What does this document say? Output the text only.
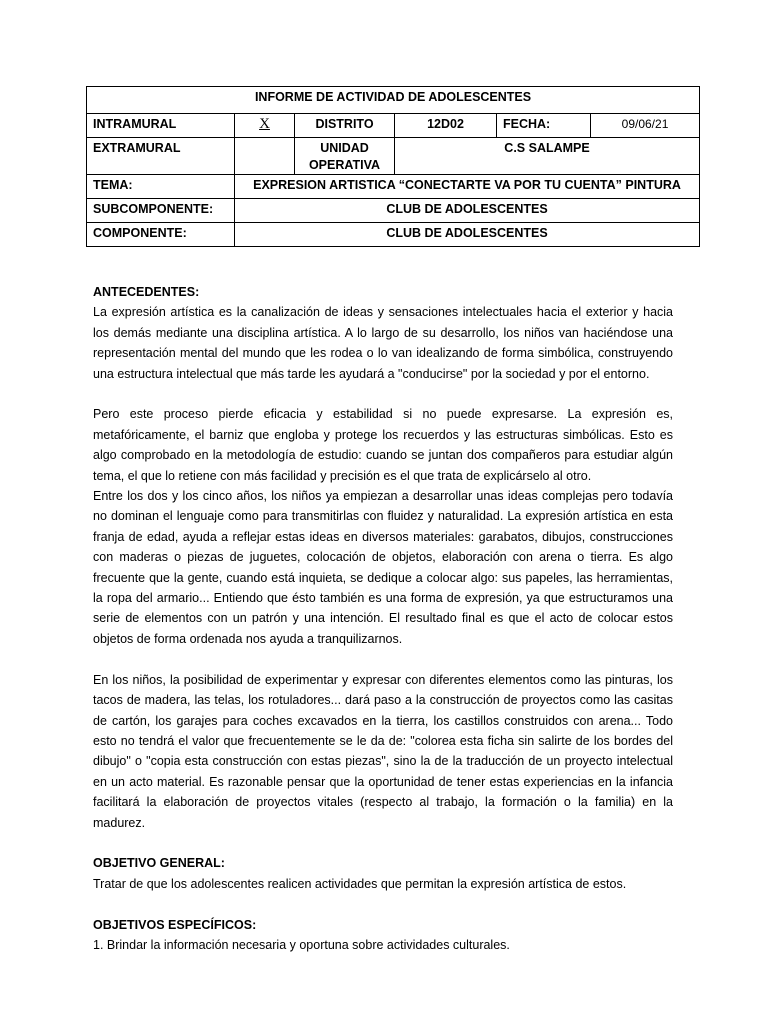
INFORME DE ACTIVIDAD DE ADOLESCENTES					
INTRAMURAL	X	DISTRITO	12D02	FECHA:	09/06/21
EXTRAMURAL		UNIDAD OPERATIVA	C.S SALAMPE		
TEMA:	EXPRESION ARTISTICA “CONECTARTE VA POR TU CUENTA” PINTURA				
SUBCOMPONENTE:	CLUB DE ADOLESCENTES				
COMPONENTE:	CLUB DE ADOLESCENTES				

ANTECEDENTES:

La expresión artística es la canalización de ideas y sensaciones intelectuales hacia el exterior y hacia los demás mediante una disciplina artística. A lo largo de su desarrollo, los niños van haciéndose una representación mental del mundo que les rodea o lo van idealizando de forma simbólica, construyendo una estructura intelectual que más tarde les ayudará a "conducirse" por la sociedad y por el entorno.

Pero este proceso pierde eficacia y estabilidad si no puede expresarse. La expresión es, metafóricamente, el barniz que engloba y protege los recuerdos y las estructuras simbólicas. Esto es algo comprobado en la metodología de estudio: cuando se juntan dos compañeros para estudiar algún tema, el que lo retiene con más facilidad y precisión es el que trata de explicárselo al otro.

Entre los dos y los cinco años, los niños ya empiezan a desarrollar unas ideas complejas pero todavía no dominan el lenguaje como para transmitirlas con fluidez y naturalidad. La expresión artística en esta franja de edad, ayuda a reflejar estas ideas en diversos materiales: garabatos, dibujos, construcciones con maderas o piezas de juguetes, colocación de objetos, elaboración con arena o tierra. Es algo frecuente que la gente, cuando está inquieta, se dedique a colocar algo: sus papeles, las herramientas, la ropa del armario... Entiendo que ésto también es una forma de expresión, ya que estructuramos una serie de elementos con un patrón y una intención. El resultado final es que el acto de colocar estos objetos de forma ordenada nos ayuda a tranquilizarnos.

En los niños, la posibilidad de experimentar y expresar con diferentes elementos como las pinturas, los tacos de madera, las telas, los rotuladores... dará paso a la construcción de proyectos como las casitas de cartón, los garajes para coches excavados en la tierra, los castillos construidos con arena... Todo esto no tendrá el valor que frecuentemente se le da de: "colorea esta ficha sin salirte de los bordes del dibujo" o "copia esta construcción con estas piezas", sino la de la traducción de un proyecto intelectual en un acto material. Es razonable pensar que la oportunidad de tener estas experiencias en la infancia facilitará la elaboración de proyectos vitales (respecto al trabajo, la formación o la familia) en la madurez.

OBJETIVO GENERAL:

Tratar de que los adolescentes realicen actividades que permitan la expresión artística de estos.

OBJETIVOS ESPECÍFICOS:

1. Brindar la información necesaria y oportuna sobre actividades culturales.
